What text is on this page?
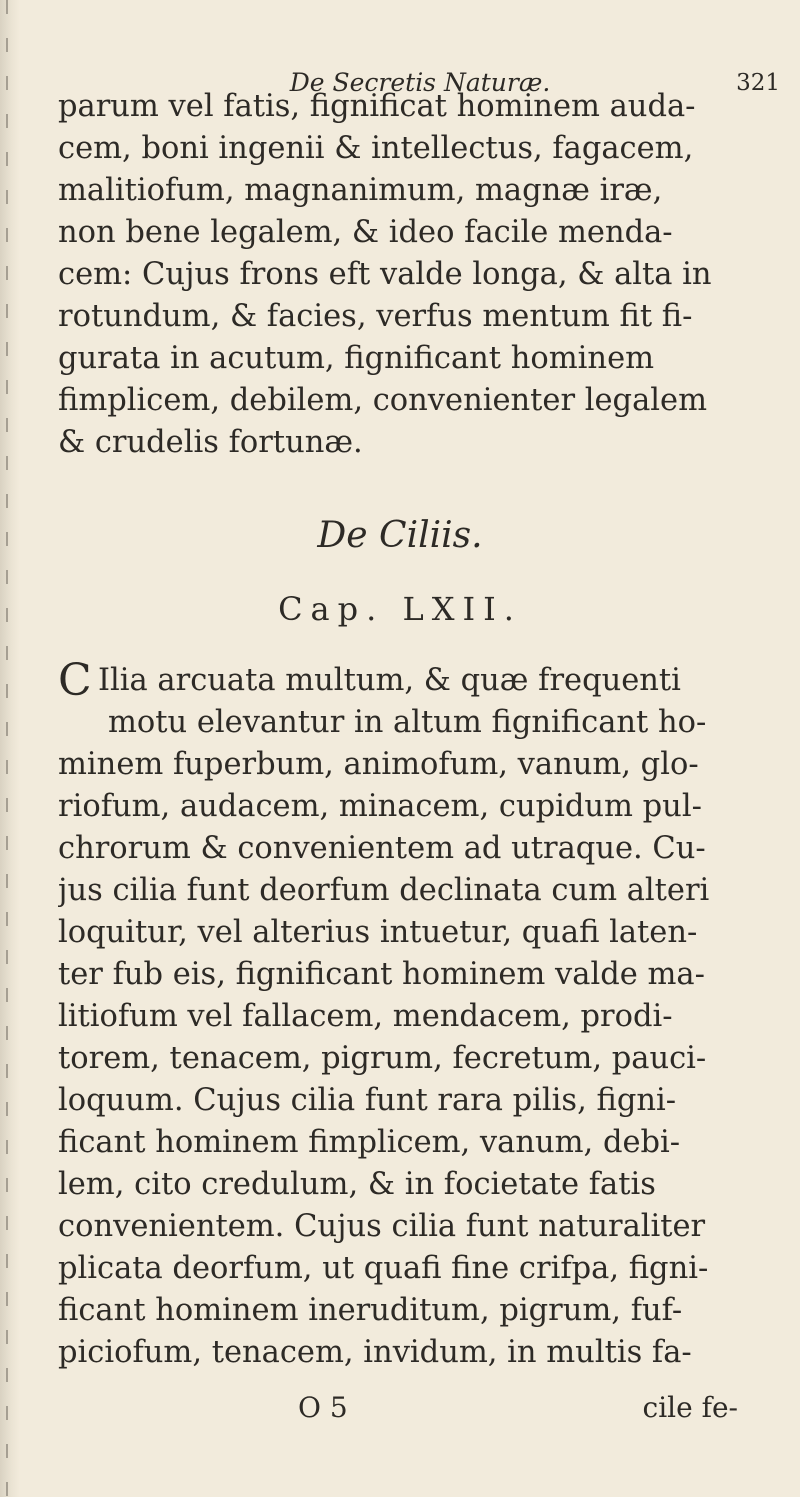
De Secretis Naturæ.	321
parum vel fatis, fignificat hominem auda-
cem, boni ingenii & intellectus, fagacem,
malitiofum, magnanimum, magnæ iræ,
non bene legalem, & ideo facile menda-
cem: Cujus frons eft valde longa, & alta in
rotundum, & facies, verfus mentum fit fi-
gurata in acutum, fignificant hominem
fimplicem, debilem, convenienter legalem
& crudelis fortunæ.
De Ciliis.
Cap. LXII.
C Ilia arcuata multum, & quæ frequenti
motu elevantur in altum fignificant ho-
minem fuperbum, animofum, vanum, glo-
riofum, audacem, minacem, cupidum pul-
chrorum & convenientem ad utraque. Cu-
jus cilia funt deorfum declinata cum alteri
loquitur, vel alterius intuetur, quafi laten-
ter fub eis, fignificant hominem valde ma-
litiofum vel fallacem, mendacem, prodi-
torem, tenacem, pigrum, fecretum, pauci-
loquum. Cujus cilia funt rara pilis, figni-
ficant hominem fimplicem, vanum, debi-
lem, cito credulum, & in focietate fatis
convenientem. Cujus cilia funt naturaliter
plicata deorfum, ut quafi fine crifpa, figni-
ficant hominem ineruditum, pigrum, fuf-
piciofum, tenacem, invidum, in multis fa-
O 5	cile fe-
